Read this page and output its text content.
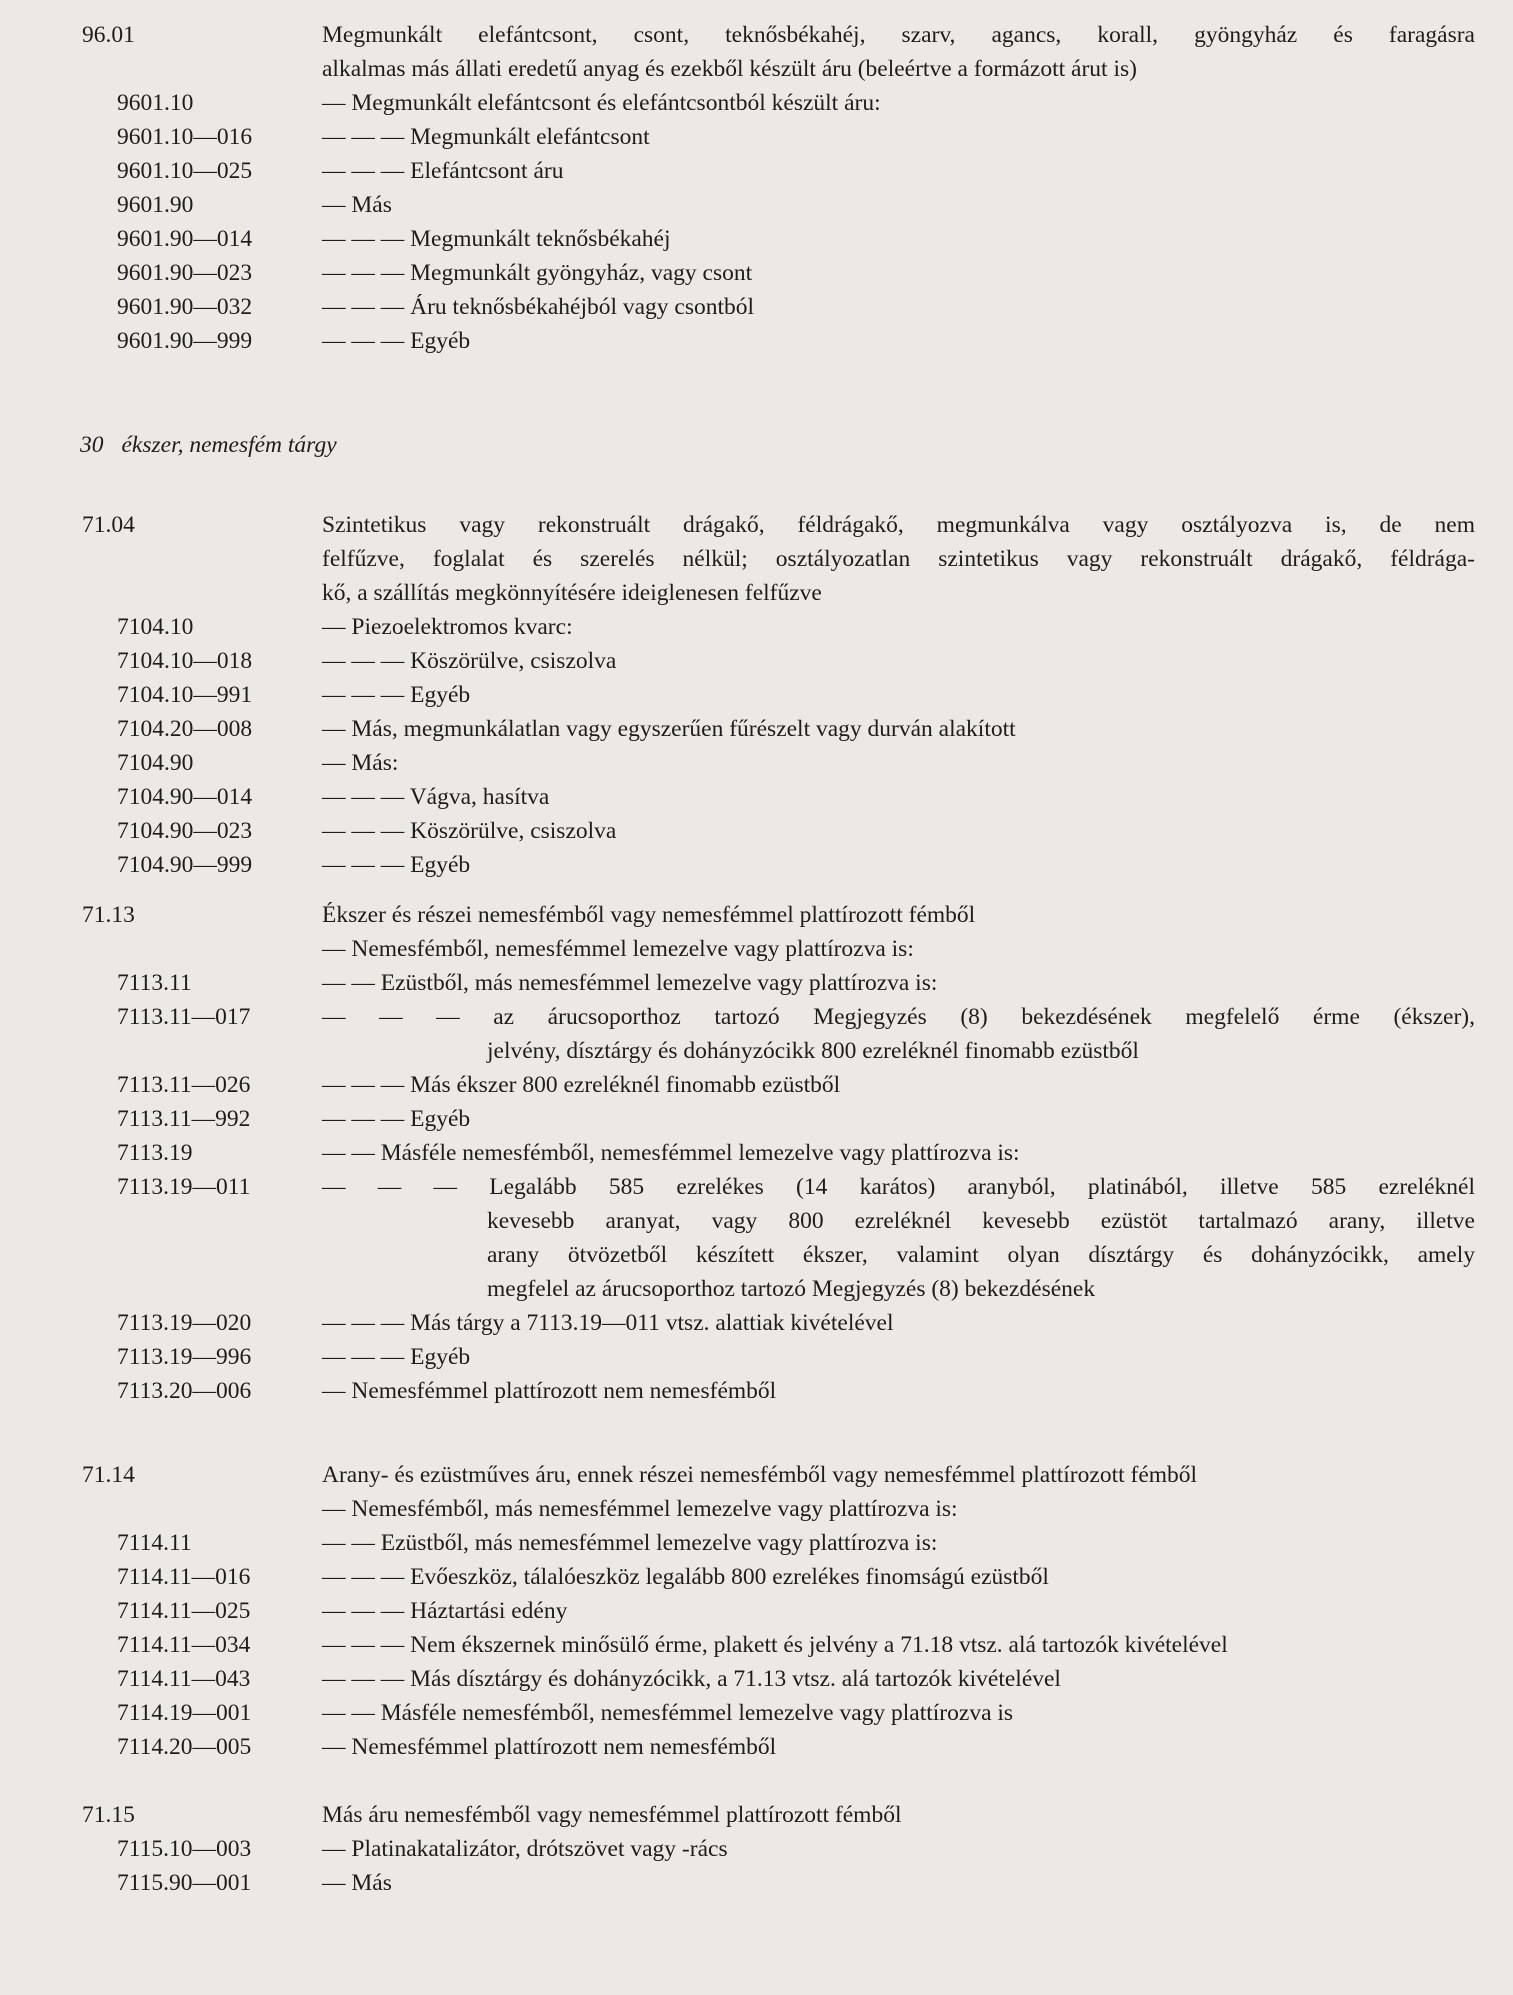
30 ékszer, nemesfém tárgy
96.01	Megmunkált elefántcsont, csont, teknősbékahéj, szarv, agancs, korall, gyöngyház és faragásra
alkalmas más állati eredetű anyag és ezekből készült áru (beleértve a formázott árut is)
9601.10	— Megmunkált elefántcsont és elefántcsontból készült áru:
9601.10—016	— — — Megmunkált elefántcsont
9601.10—025	— — — Elefántcsont áru
9601.90	— Más
9601.90—014	— — — Megmunkált teknősbékahéj
9601.90—023	— — — Megmunkált gyöngyház, vagy csont
9601.90—032	— — — Áru teknősbékahéjból vagy csontból
9601.90—999	— — — Egyéb
71.04	Szintetikus vagy rekonstruált drágakő, féldrágakő, megmunkálva vagy osztályozva is, de nem
felfűzve, foglalat és szerelés nélkül; osztályozatlan szintetikus vagy rekonstruált drágakő, féldrága-
kő, a szállítás megkönnyítésére ideiglenesen felfűzve
7104.10	— Piezoelektromos kvarc:
7104.10—018	— — — Köszörülve, csiszolva
7104.10—991	— — — Egyéb
7104.20—008	— Más, megmunkálatlan vagy egyszerűen fűrészelt vagy durván alakított
7104.90	— Más:
7104.90—014	— — — Vágva, hasítva
7104.90—023	— — — Köszörülve, csiszolva
7104.90—999	— — — Egyéb
71.13	Ékszer és részei nemesfémből vagy nemesfémmel plattírozott fémből
— Nemesfémből, nemesfémmel lemezelve vagy plattírozva is:
7113.11	— — Ezüstből, más nemesfémmel lemezelve vagy plattírozva is:
7113.11—017	— — — az árucsoporthoz tartozó Megjegyzés (8) bekezdésének megfelelő érme (ékszer),
jelvény, dísztárgy és dohányzócikk 800 ezreléknél finomabb ezüstből
7113.11—026	— — — Más ékszer 800 ezreléknél finomabb ezüstből
7113.11—992	— — — Egyéb
7113.19	— — Másféle nemesfémből, nemesfémmel lemezelve vagy plattírozva is:
7113.19—011	— — — Legalább 585 ezrelékes (14 karátos) aranyból, platinából, illetve 585 ezreléknél
kevesebb aranyat, vagy 800 ezreléknél kevesebb ezüstöt tartalmazó arany, illetve
arany ötvözetből készített ékszer, valamint olyan dísztárgy és dohányzócikk, amely
megfelel az árucsoporthoz tartozó Megjegyzés (8) bekezdésének
7113.19—020	— — — Más tárgy a 7113.19—011 vtsz. alattiak kivételével
7113.19—996	— — — Egyéb
7113.20—006	— Nemesfémmel plattírozott nem nemesfémből
71.14	Arany- és ezüstműves áru, ennek részei nemesfémből vagy nemesfémmel plattírozott fémből
— Nemesfémből, más nemesfémmel lemezelve vagy plattírozva is:
7114.11	— — Ezüstből, más nemesfémmel lemezelve vagy plattírozva is:
7114.11—016	— — — Evőeszköz, tálalóeszköz legalább 800 ezrelékes finomságú ezüstből
7114.11—025	— — — Háztartási edény
7114.11—034	— — — Nem ékszernek minősülő érme, plakett és jelvény a 71.18 vtsz. alá tartozók kivételével
7114.11—043	— — — Más dísztárgy és dohányzócikk, a 71.13 vtsz. alá tartozók kivételével
7114.19—001	— — Másféle nemesfémből, nemesfémmel lemezelve vagy plattírozva is
7114.20—005	— Nemesfémmel plattírozott nem nemesfémből
71.15	Más áru nemesfémből vagy nemesfémmel plattírozott fémből
7115.10—003	— Platinakatalizátor, drótszövet vagy -rács
7115.90—001	— Más
